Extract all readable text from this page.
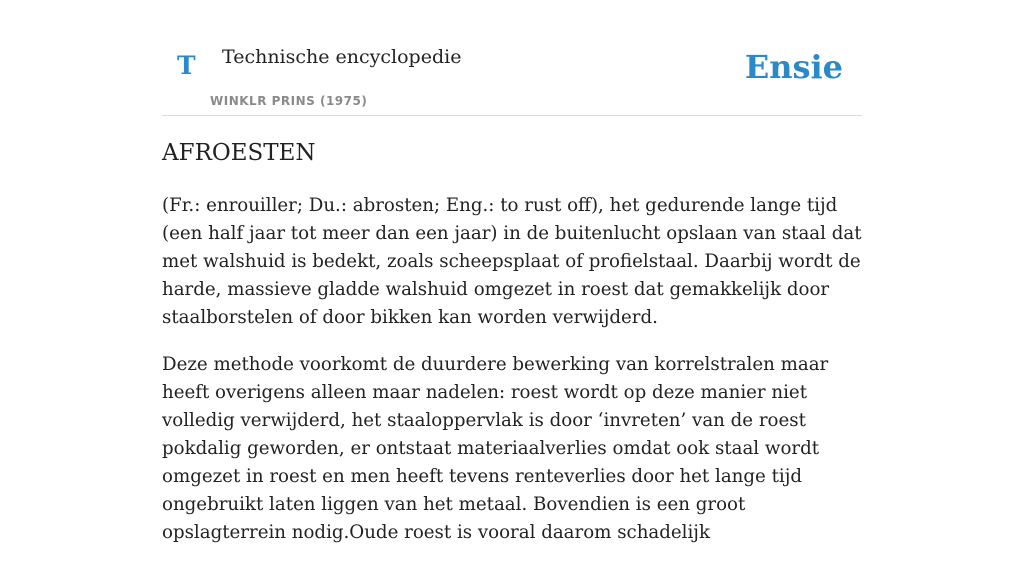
T Technische encyclopedie
WINKLR PRINS (1975)
Ensie
AFROESTEN

(Fr.: enrouiller; Du.: abrosten; Eng.: to rust off), het gedurende lange tijd (een half jaar tot meer dan een jaar) in de buitenlucht opslaan van staal dat met walshuid is bedekt, zoals scheepsplaat of profielstaal. Daarbij wordt de harde, massieve gladde walshuid omgezet in roest dat gemakkelijk door staalborstelen of door bikken kan worden verwijderd.

Deze methode voorkomt de duurdere bewerking van korrelstralen maar heeft overigens alleen maar nadelen: roest wordt op deze manier niet volledig verwijderd, het staaloppervlak is door ‘invreten’ van de roest pokdalig geworden, er ontstaat materiaalverlies omdat ook staal wordt omgezet in roest en men heeft tevens renteverlies door het lange tijd ongebruikt laten liggen van het metaal. Bovendien is een groot opslagterrein nodig.Oude roest is vooral daarom schadelijk
